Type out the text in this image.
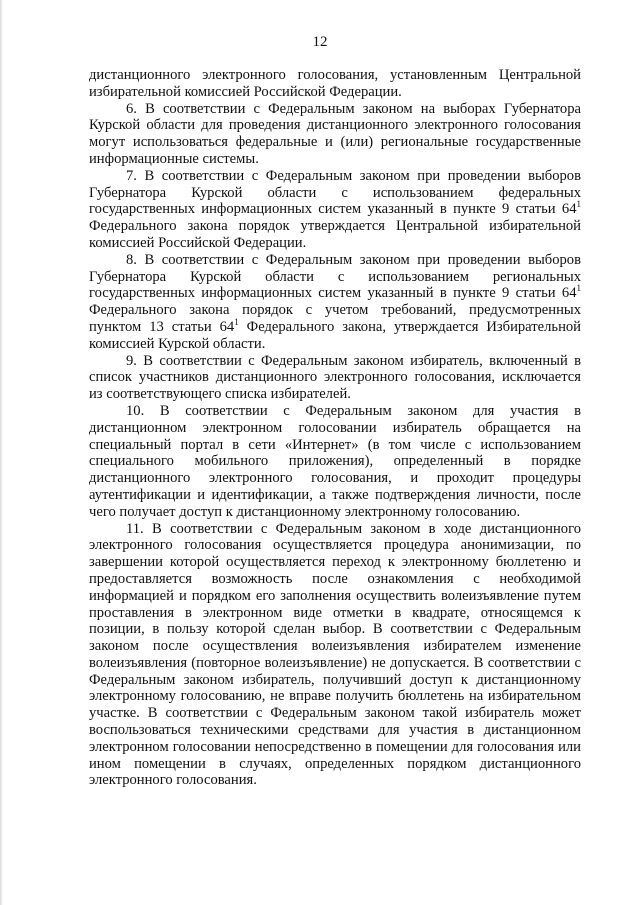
12

дистанционного электронного голосования, установленным Центральной избирательной комиссией Российской Федерации.

6. В соответствии с Федеральным законом на выборах Губернатора Курской области для проведения дистанционного электронного голосования могут использоваться федеральные и (или) региональные государственные информационные системы.

7. В соответствии с Федеральным законом при проведении выборов Губернатора Курской области с использованием федеральных государственных информационных систем указанный в пункте 9 статьи $64^1$ Федерального закона порядок утверждается Центральной избирательной комиссией Российской Федерации.

8. В соответствии с Федеральным законом при проведении выборов Губернатора Курской области с использованием региональных государственных информационных систем указанный в пункте 9 статьи $64^1$ Федерального закона порядок с учетом требований, предусмотренных пунктом 13 статьи $64^1$ Федерального закона, утверждается Избирательной комиссией Курской области.

9. В соответствии с Федеральным законом избиратель, включенный в список участников дистанционного электронного голосования, исключается из соответствующего списка избирателей.

10. В соответствии с Федеральным законом для участия в дистанционном электронном голосовании избиратель обращается на специальный портал в сети «Интернет» (в том числе с использованием специального мобильного приложения), определенный в порядке дистанционного электронного голосования, и проходит процедуры аутентификации и идентификации, а также подтверждения личности, после чего получает доступ к дистанционному электронному голосованию.

11. В соответствии с Федеральным законом в ходе дистанционного электронного голосования осуществляется процедура анонимизации, по завершении которой осуществляется переход к электронному бюллетеню и предоставляется возможность после ознакомления с необходимой информацией и порядком его заполнения осуществить волеизъявление путем проставления в электронном виде отметки в квадрате, относящемся к позиции, в пользу которой сделан выбор. В соответствии с Федеральным законом после осуществления волеизъявления избирателем изменение волеизъявления (повторное волеизъявление) не допускается. В соответствии с Федеральным законом избиратель, получивший доступ к дистанционному электронному голосованию, не вправе получить бюллетень на избирательном участке. В соответствии с Федеральным законом такой избиратель может воспользоваться техническими средствами для участия в дистанционном электронном голосовании непосредственно в помещении для голосования или ином помещении в случаях, определенных порядком дистанционного электронного голосования.
